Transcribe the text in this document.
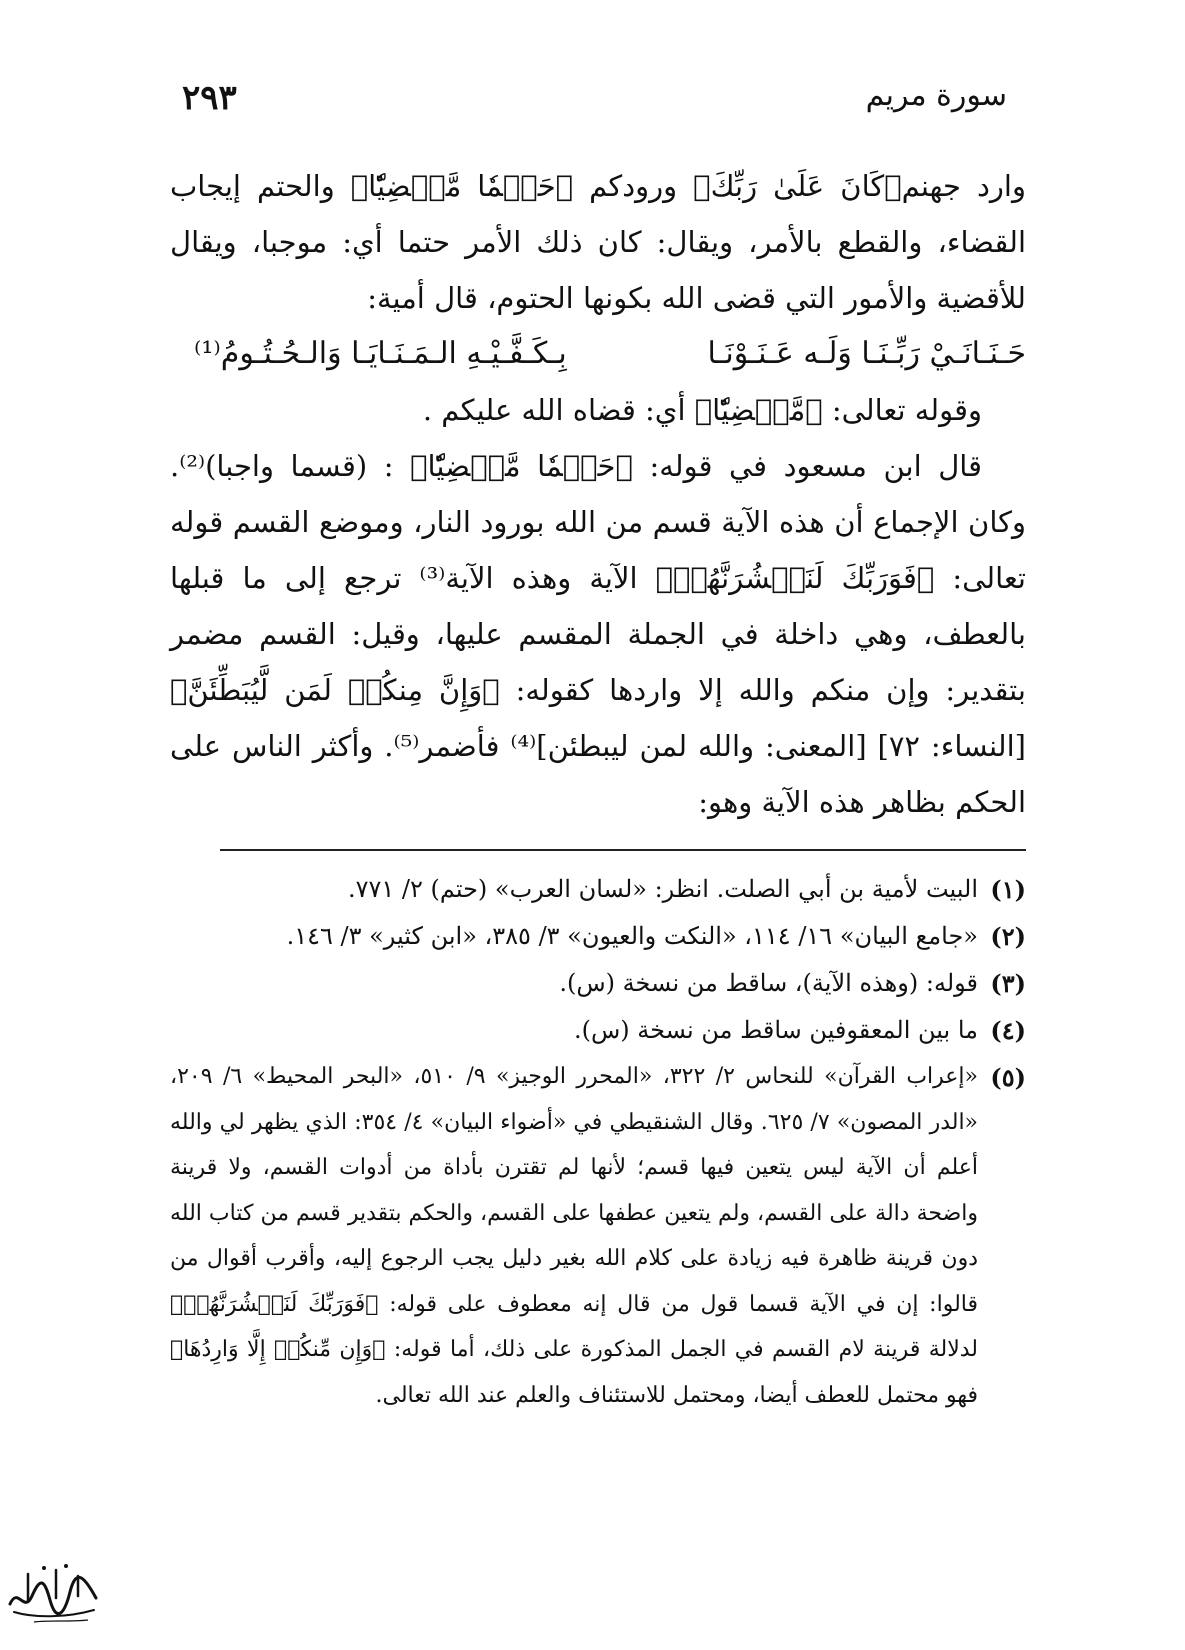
سورة مريم
٢٩٣

وارد جهنم﴿كَانَ عَلَىٰ رَبِّكَ﴾ ورودكم ﴿حَتۡمٗا مَّقۡضِيّٗا﴾ والحتم إيجاب القضاء، والقطع بالأمر، ويقال: كان ذلك الأمر حتما أي: موجبا، ويقال للأقضية والأمور التي قضى الله بكونها الحتوم، قال أمية:

حَـنَـانَـيْ رَبِّـنَـا وَلَـه عَـنَـوْنَـا
بِـكَـفَّـيْـهِ الـمَـنَـايَـا وَالـحُـتُـومُ⁽¹⁾

وقوله تعالى: ﴿مَّقۡضِيّٗا﴾ أي: قضاه الله عليكم .

قال ابن مسعود في قوله: ﴿حَتۡمٗا مَّقۡضِيّٗا﴾ : (قسما واجبا)⁽²⁾. وكان الإجماع أن هذه الآية قسم من الله بورود النار، وموضع القسم قوله تعالى: ﴿فَوَرَبِّكَ لَنَحۡشُرَنَّهُمۡ﴾ الآية وهذه الآية⁽³⁾ ترجع إلى ما قبلها بالعطف، وهي داخلة في الجملة المقسم عليها، وقيل: القسم مضمر بتقدير: وإن منكم والله إلا واردها كقوله: ﴿وَإِنَّ مِنكُمۡ لَمَن لَّيُبَطِّئَنَّ﴾ [النساء: ٧٢] [المعنى: والله لمن ليبطئن]⁽⁴⁾ فأضمر⁽⁵⁾. وأكثر الناس على الحكم بظاهر هذه الآية وهو:

(١)
البيت لأمية بن أبي الصلت. انظر: «لسان العرب» (حتم) ٢/ ٧٧١.
(٢)
«جامع البيان» ١٦/ ١١٤، «النكت والعيون» ٣/ ٣٨٥، «ابن كثير» ٣/ ١٤٦.
(٣)
قوله: (وهذه الآية)، ساقط من نسخة (س).
(٤)
ما بين المعقوفين ساقط من نسخة (س).
(٥)
«إعراب القرآن» للنحاس ٢/ ٣٢٢، «المحرر الوجيز» ٩/ ٥١٠، «البحر المحيط» ٦/ ٢٠٩، «الدر المصون» ٧/ ٦٢٥. وقال الشنقيطي في «أضواء البيان» ٤/ ٣٥٤: الذي يظهر لي والله أعلم أن الآية ليس يتعين فيها قسم؛ لأنها لم تقترن بأداة من أدوات القسم، ولا قرينة واضحة دالة على القسم، ولم يتعين عطفها على القسم، والحكم بتقدير قسم من كتاب الله دون قرينة ظاهرة فيه زيادة على كلام الله بغير دليل يجب الرجوع إليه، وأقرب أقوال من قالوا: إن في الآية قسما قول من قال إنه معطوف على قوله: ﴿فَوَرَبِّكَ لَنَحۡشُرَنَّهُمۡ﴾ لدلالة قرينة لام القسم في الجمل المذكورة على ذلك، أما قوله: ﴿وَإِن مِّنكُمۡ إِلَّا وَارِدُهَا﴾ فهو محتمل للعطف أيضا، ومحتمل للاستئناف والعلم عند الله تعالى.
